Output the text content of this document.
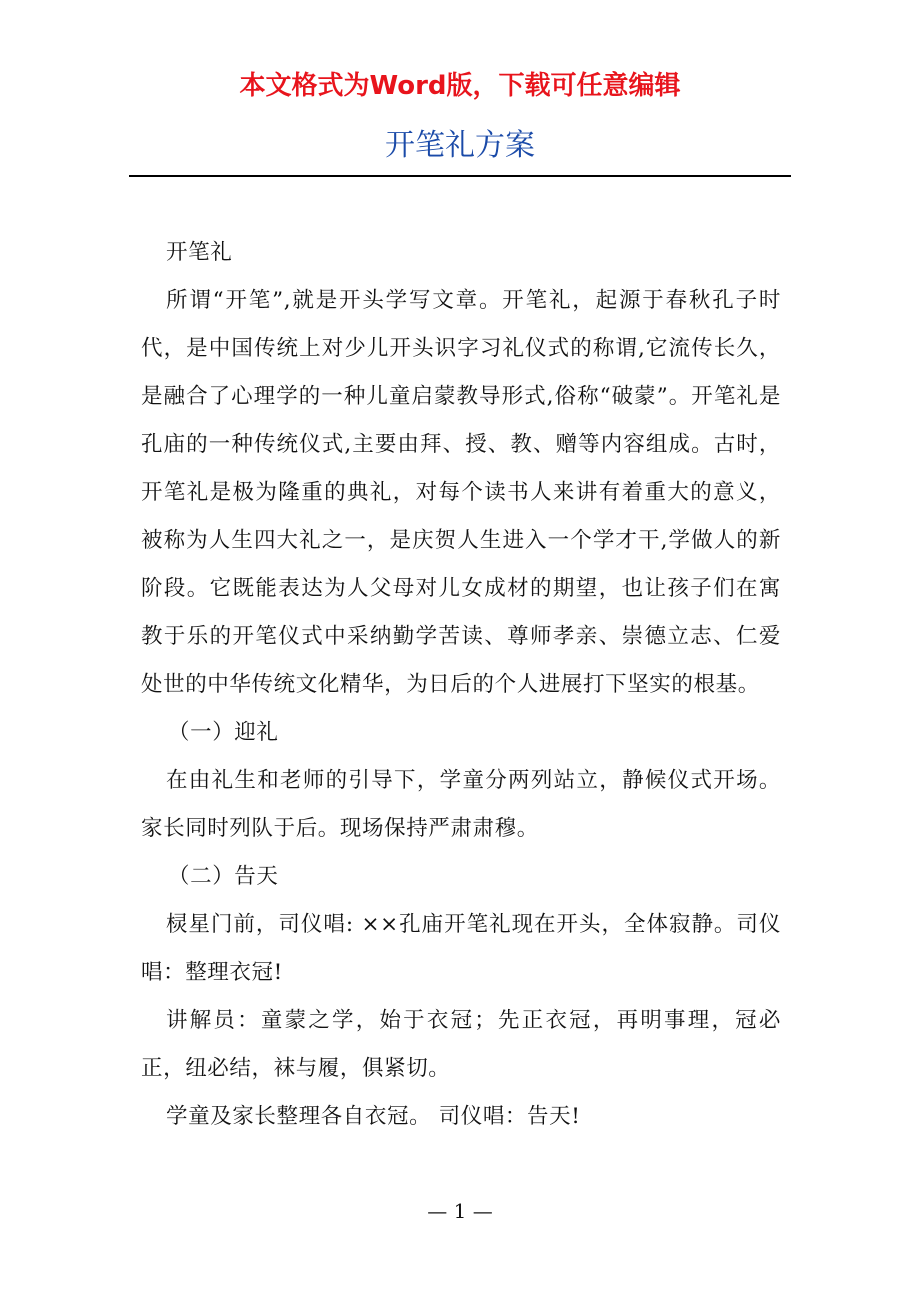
本文格式为Word版，下载可任意编辑
开笔礼方案

开笔礼

所谓“开笔”,就是开头学写文章。开笔礼，起源于春秋孔子时代，是中国传统上对少儿开头识字习礼仪式的称谓,它流传长久，是融合了心理学的一种儿童启蒙教导形式,俗称“破蒙”。开笔礼是孔庙的一种传统仪式,主要由拜、授、教、赠等内容组成。古时，开笔礼是极为隆重的典礼，对每个读书人来讲有着重大的意义，被称为人生四大礼之一，是庆贺人生进入一个学才干,学做人的新阶段。它既能表达为人父母对儿女成材的期望，也让孩子们在寓教于乐的开笔仪式中采纳勤学苦读、尊师孝亲、崇德立志、仁爱处世的中华传统文化精华，为日后的个人进展打下坚实的根基。

（一）迎礼

在由礼生和老师的引导下，学童分两列站立，静候仪式开场。家长同时列队于后。现场保持严肃肃穆。

（二）告天

棂星门前，司仪唱: ××孔庙开笔礼现在开头，全体寂静。司仪唱：整理衣冠!

讲解员：童蒙之学，始于衣冠；先正衣冠，再明事理，冠必正，纽必结，袜与履，俱紧切。

学童及家长整理各自衣冠。 司仪唱：告天!

— 1 —
